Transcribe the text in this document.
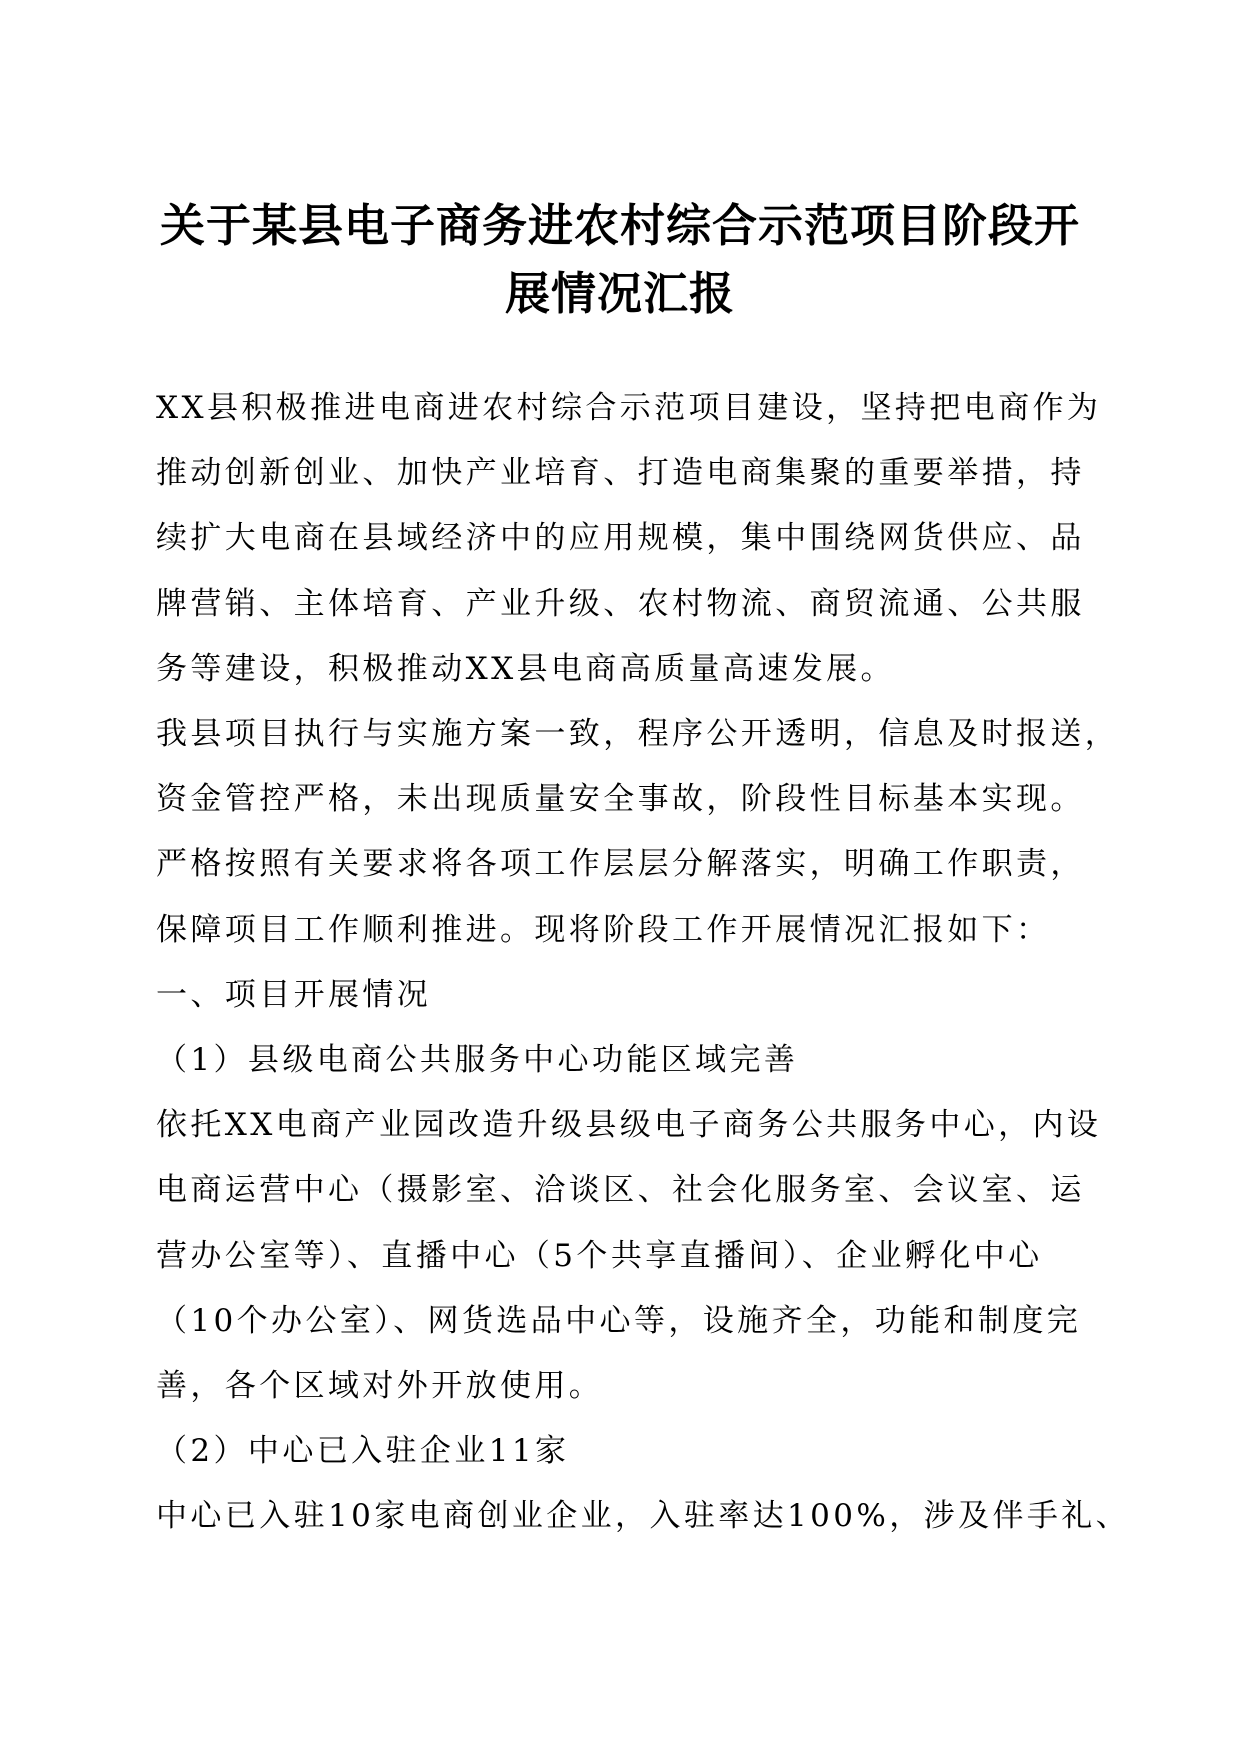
关于某县电子商务进农村综合示范项目阶段开
展情况汇报

XX县积极推进电商进农村综合示范项目建设，坚持把电商作为
推动创新创业、加快产业培育、打造电商集聚的重要举措，持
续扩大电商在县域经济中的应用规模，集中围绕网货供应、品
牌营销、主体培育、产业升级、农村物流、商贸流通、公共服
务等建设，积极推动XX县电商高质量高速发展。

我县项目执行与实施方案一致，程序公开透明，信息及时报送，
资金管控严格，未出现质量安全事故，阶段性目标基本实现。
严格按照有关要求将各项工作层层分解落实，明确工作职责，
保障项目工作顺利推进。现将阶段工作开展情况汇报如下：

一、项目开展情况

（1）县级电商公共服务中心功能区域完善

依托XX电商产业园改造升级县级电子商务公共服务中心，内设
电商运营中心（摄影室、洽谈区、社会化服务室、会议室、运
营办公室等）、直播中心（5个共享直播间）、企业孵化中心
（10个办公室）、网货选品中心等，设施齐全，功能和制度完
善，各个区域对外开放使用。

（2）中心已入驻企业11家

中心已入驻10家电商创业企业，入驻率达100%，涉及伴手礼、
